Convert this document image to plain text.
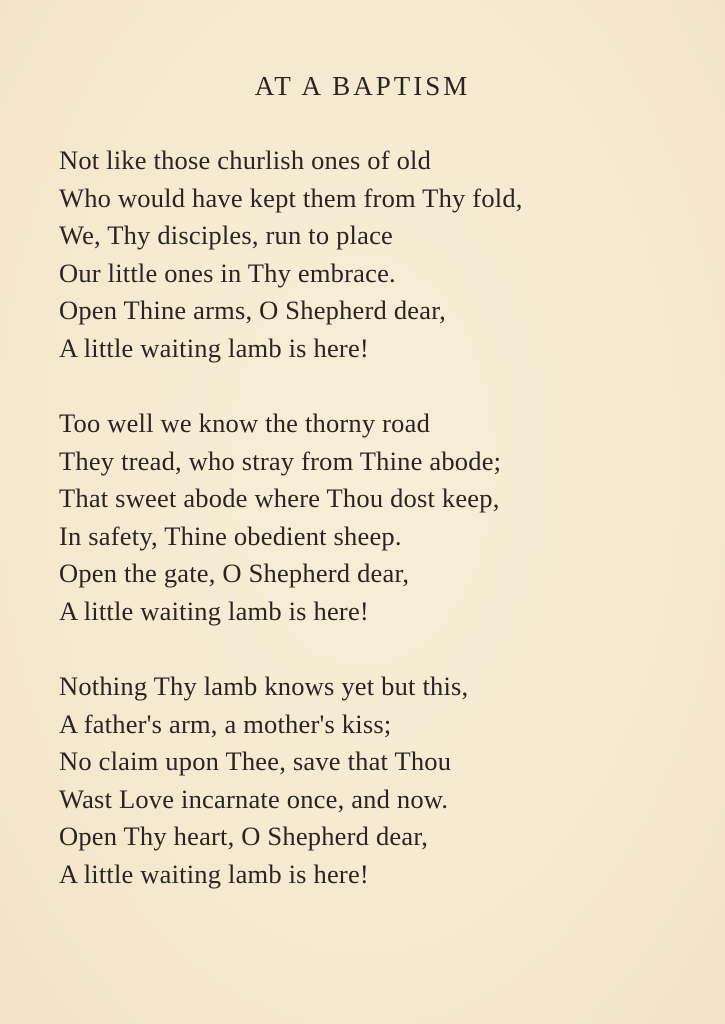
AT A BAPTISM
Not like those churlish ones of old
Who would have kept them from Thy fold,
We, Thy disciples, run to place
Our little ones in Thy embrace.
Open Thine arms, O Shepherd dear,
A little waiting lamb is here!
Too well we know the thorny road
They tread, who stray from Thine abode;
That sweet abode where Thou dost keep,
In safety, Thine obedient sheep.
Open the gate, O Shepherd dear,
A little waiting lamb is here!
Nothing Thy lamb knows yet but this,
A father's arm, a mother's kiss;
No claim upon Thee, save that Thou
Wast Love incarnate once, and now.
Open Thy heart, O Shepherd dear,
A little waiting lamb is here!
